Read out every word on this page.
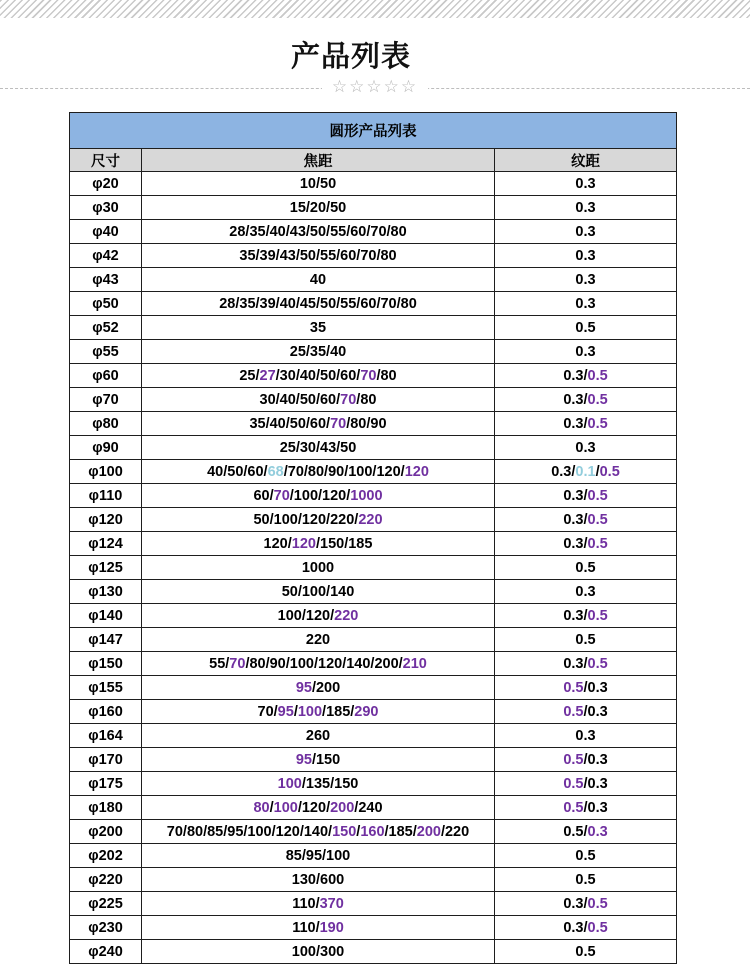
产品列表
☆☆☆☆☆
圆形产品列表		
尺寸	焦距	纹距
φ20	10/50	0.3
φ30	15/20/50	0.3
φ40	28/35/40/43/50/55/60/70/80	0.3
φ42	35/39/43/50/55/60/70/80	0.3
φ43	40	0.3
φ50	28/35/39/40/45/50/55/60/70/80	0.3
φ52	35	0.5
φ55	25/35/40	0.3
φ60	25/27/30/40/50/60/70/80	0.3/0.5
φ70	30/40/50/60/70/80	0.3/0.5
φ80	35/40/50/60/70/80/90	0.3/0.5
φ90	25/30/43/50	0.3
φ100	40/50/60/68/70/80/90/100/120/120	0.3/0.1/0.5
φ110	60/70/100/120/1000	0.3/0.5
φ120	50/100/120/220/220	0.3/0.5
φ124	120/120/150/185	0.3/0.5
φ125	1000	0.5
φ130	50/100/140	0.3
φ140	100/120/220	0.3/0.5
φ147	220	0.5
φ150	55/70/80/90/100/120/140/200/210	0.3/0.5
φ155	95/200	0.5/0.3
φ160	70/95/100/185/290	0.5/0.3
φ164	260	0.3
φ170	95/150	0.5/0.3
φ175	100/135/150	0.5/0.3
φ180	80/100/120/200/240	0.5/0.3
φ200	70/80/85/95/100/120/140/150/160/185/200/220	0.5/0.3
φ202	85/95/100	0.5
φ220	130/600	0.5
φ225	110/370	0.3/0.5
φ230	110/190	0.3/0.5
φ240	100/300	0.5
